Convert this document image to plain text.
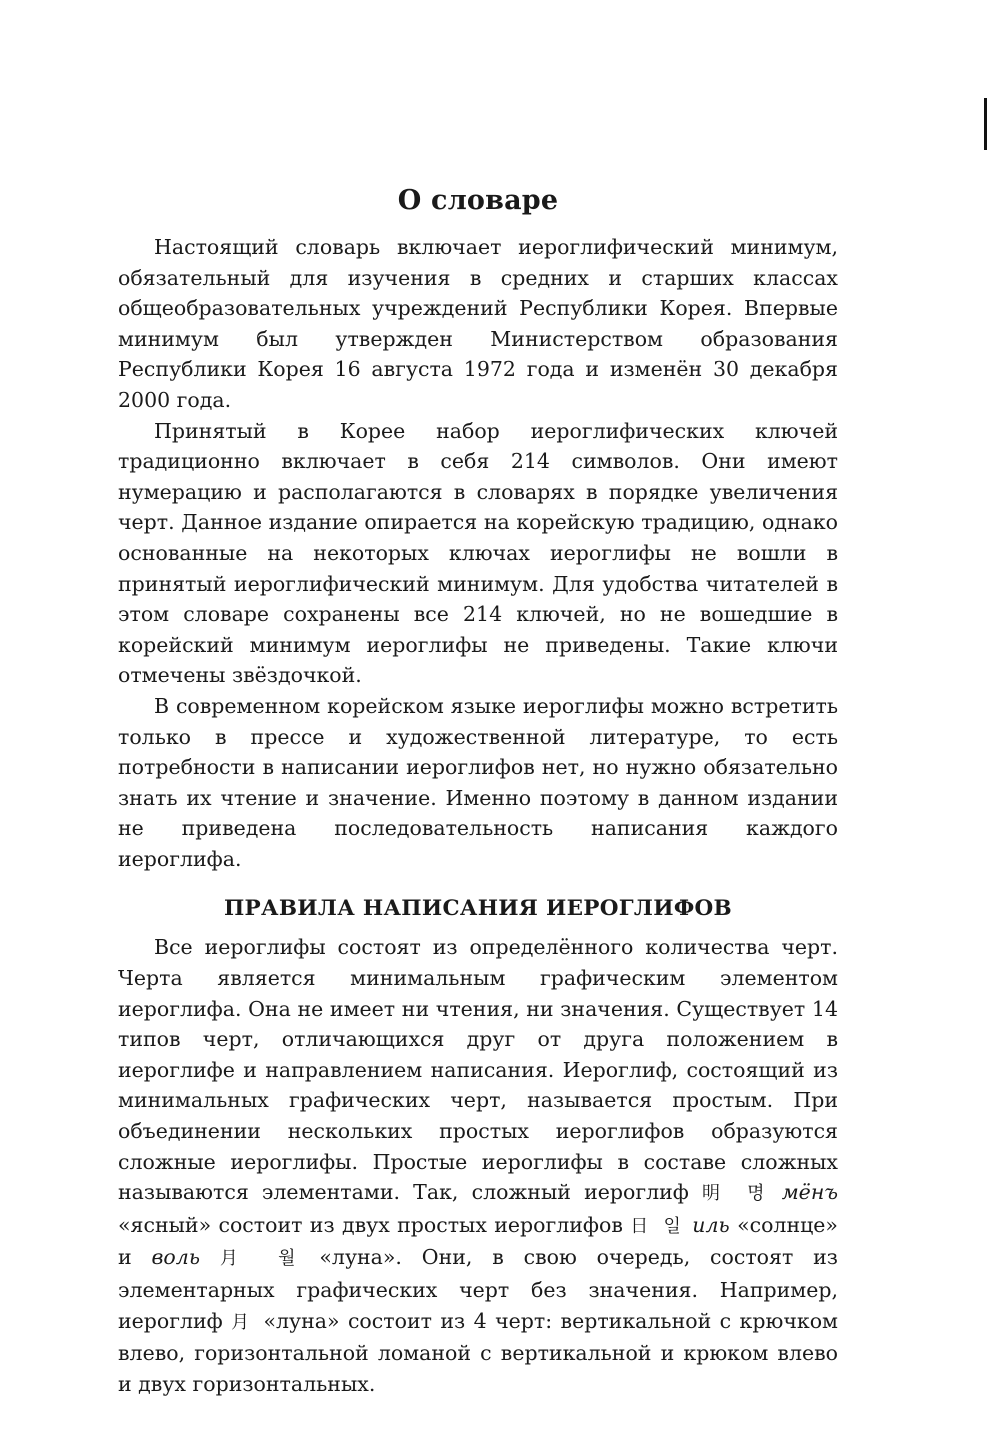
О словаре

Настоящий словарь включает иероглифический минимум, обязательный для изучения в средних и старших классах общеобразовательных учреждений Республики Корея. Впервые минимум был утвержден Министерством образования Республики Корея 16 августа 1972 года и изменён 30 декабря 2000 года.

Принятый в Корее набор иероглифических ключей традиционно включает в себя 214 символов. Они имеют нумерацию и располагаются в словарях в порядке увеличения черт. Данное издание опирается на корейскую традицию, однако основанные на некоторых ключах иероглифы не вошли в принятый иероглифический минимум. Для удобства читателей в этом словаре сохранены все 214 ключей, но не вошедшие в корейский минимум иероглифы не приведены. Такие ключи отмечены звёздочкой.

В современном корейском языке иероглифы можно встретить только в прессе и художественной литературе, то есть потребности в написании иероглифов нет, но нужно обязательно знать их чтение и значение. Именно поэтому в данном издании не приведена последовательность написания каждого иероглифа.

ПРАВИЛА НАПИСАНИЯ ИЕРОГЛИФОВ

Все иероглифы состоят из определённого количества черт. Черта является минимальным графическим элементом иероглифа. Она не имеет ни чтения, ни значения. Существует 14 типов черт, отличающихся друг от друга положением в иероглифе и направлением написания. Иероглиф, состоящий из минимальных графических черт, называется простым. При объединении нескольких простых иероглифов образуются сложные иероглифы. Простые иероглифы в составе сложных называются элементами. Так, сложный иероглиф 明 명 мёнъ «ясный» состоит из двух простых иероглифов 日 일 иль «солнце» и воль 月 월 «луна». Они, в свою очередь, состоят из элементарных графических черт без значения. Например, иероглиф 月 «луна» состоит из 4 черт: вертикальной с крючком влево, горизонтальной ломаной с вертикальной и крюком влево и двух горизонтальных.
